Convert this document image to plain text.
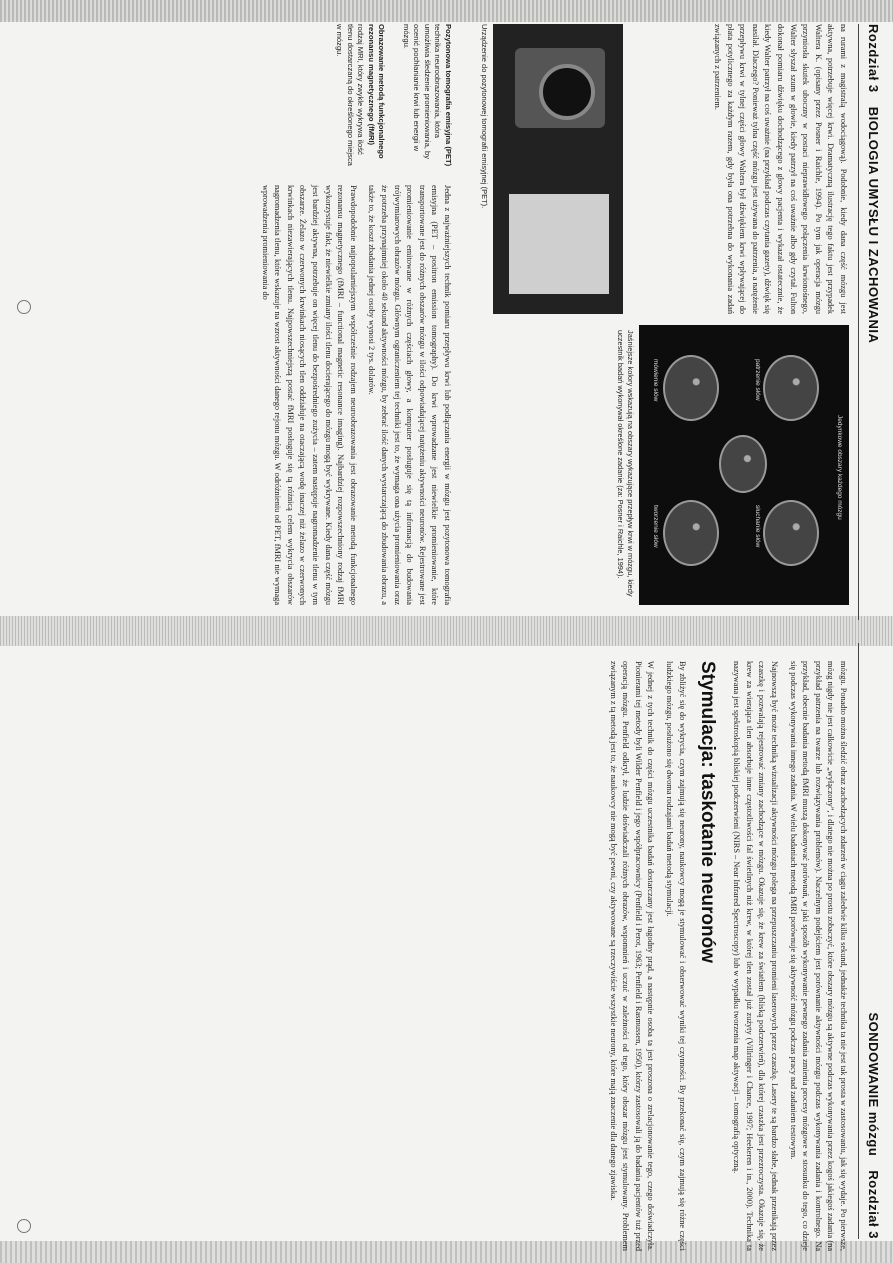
Rozdział 3 BIOLOGIA UMYSŁU I ZACHOWANIA

na rurami z magistralą wodociągową). Podobnie, kiedy dana część mózgu jest aktywna, potrzebuje więcej krwi. Dramatyczną ilustrację tego faktu jest przypadek Waltera K. (opisany przez Posner i Raichle, 1994). Po tym jak operacja mózgu przyniosła skutek uboczny w postaci nieprawidłowego połączenia krwionośnego, Walter słyszał szum w głowie, kiedy patrzył na coś uważnie albo gdy czytał. Fulton dokonał pomiaru dźwięku dochodzącego z głowy pacjenta i wykazał ostatecznie, że kiedy Walter patrzył na coś uważnie (na przykład podczas czytania gazety), dźwięk się nasilał. Dlaczego? Ponieważ tylna część mózgu jest używana do patrzenia, a natężenie przepływu krwi w tylnej części głowy Waltera był dźwiękiem krwi wpływającej do płata potylicznego za każdym razem, gdy była ona potrzebna do wykonania zadań związanych z patrzeniem.

Urządzenie do pozytonowej tomografii emisyjnej (PET).
Jedynkowe obszary każdego mózgu
patrzenie słów
słuchanie słów
mówienie słów
tworzenie słów
Jaśniejsze kolory wskazują na obszary wykazujące przepływ krwi w mózgu, kiedy uczestnik badań wykonywał określone zadanie (za: Posner i Raichle, 1994).

Jedna z najważniejszych technik pomiaru przepływu krwi lub podłączania energii w mózgu jest pozytonowa tomografia emisyjna (PET – positron emission tomography). Do krwi wprowadzane jest niewielkie promieniowanie, które transportowane jest do różnych obszarów mózgu w ilości odpowiadającej natężeniu aktywności neuronów. Rejestrowane jest promieniowanie emitowane w różnych częściach głowy, a komputer posługuje się tą informacją do budowania trójwymiarowych obrazów mózgu. Głównym ograniczeniem tej techniki jest to, że wymaga ona użycia promieniowania oraz że potrzeba przynajmniej około 40 sekund aktywności mózgu, by zebrać ilość danych wystarczającą do zbudowania obrazu, a także to, że koszt zbadania jednej osoby wynosi 2 tys. dolarów.

Prawdopodobnie najpopularniejszym współcześnie rodzajem neuroobrazowania jest obrazowanie metodą funkcjonalnego rezonansu magnetycznego (fMRI – functional magnetic resonance imaging). Najbardziej rozpowszechniony rodzaj fMRI wykorzystuje fakt, że niewielkie zmiany ilości tlenu docierającego do mózgu mogą być wykrywane. Kiedy dana część mózgu jest bardziej aktywna, potrzebuje on więcej tlenu do bezpośredniego zużycia – zatem następuje nagromadzenie tlenu w tym obszarze. Żelazo w czerwonych krwinkach niosących tlen oddziałuje na otaczającą wodę inaczej niż żelazo w czerwonych krwinkach niezawierających tlenu. Najpowszechniejszą postać fMRI posługuje się tą różnicą celem wykrycia obszarów nagromadzenia tlenu, które wskazuje na wzrost aktywności danego rejonu mózgu. W odróżnieniu od PET, fMRI nie wymaga wprowadzenia promieniowania do

Pozytonowa tomografia emisyjna (PET)
technika neuroobrazowania, która umożliwia śledzenie promieniowania, by ocenić pochłanianie krwi lub energii w mózgu.
Obrazowanie metodą funkcjonalnego rezonansu magnetycznego (fMRI)
rodzaj MRI, który zwykle wykrywa ilość tlenu dostarczaną do określonego miejsca w mózgu.
SONDOWANIE mózgu Rozdział 3

mózgu. Ponadto można śledzić obraz zachodzących zdarzeń w ciągu zaledwie kilku sekund, jednakże technika ta nie jest tak prosta w zastosowaniu, jak się wydaje. Po pierwsze, mózg nigdy nie jest całkowicie „wyłączony”, i dlatego nie można po prostu zobaczyć, które obszary mózgu są aktywne podczas wykonywania przez kogoś jakiegoś zadania (na przykład patrzenia na twarze lub rozwiązywania problemów). Naczelnym podejściem jest porównanie aktywności mózgu podczas wykonywania zadania i kontrolnego. Na przykład, obecnie badania metodą fMRI muszą dokonywać porównań, w jaki sposób wykonywanie pewnego zadania zmienia procesy mózgowe w stosunku do tego, co dzieje się podczas wykonywania innego zadania. W wielu badaniach metodą fMRI porównuje się aktywność mózgu podczas pracy nad zadaniem testowym.

Najnowszą być może techniką wizualizacji aktywności mózgu polega na przepuszczaniu promieni laserowych przez czaszkę. Lasery te są bardzo słabe, jednak przenikają przez czaszkę i pozwalają rejestrować zmiany zachodzące w mózgu. Okazuje się, że krew za światłem (bliską podczerwień), dla której czaszka jest przezroczysta. Okazuje się, że krew za wierająca tlen absorbuje inne częstotliwości fal świetlnych niż krew, w której tlen został już zużyty (Villringer i Chance, 1997; Heekeren i in., 2000). Technika ta nazywana jest spektroskopią bliskiej podczerwieni (NIRS – Near Infrared Spectroscopy) lub w wypadku tworzenia map aktywacji – tomografią optyczną.

Stymulacja: taskotanie neuronów

By zbliżyć się do wykrycia, czym zajmują się neurony, naukowcy mogą je stymulować i obserwować wyniki tej czynności. By przekonać się, czym zajmują się różne części ludzkiego mózgu, posłużono się dwoma rodzajami badań metodą stymulacji.

W jednej z tych technik do części mózgu uczestnika badań dostarczany jest łagodny prąd, a następnie osoba ta jest proszona o zrelacjonowanie tego, czego doświadczyła. Pionierami tej metody byli Wilder Penfield i jego współpracownicy (Penfield i Perot, 1963; Penfield i Rasmussen, 1950), którzy zastosowali ją do badania pacjentów tuż przed operacją mózgu. Penfield odkrył, że ludzie doświadczali różnych obrazów, wspomnień i uczuć w zależności od tego, który obszar mózgu jest stymulowany. Problemem związanym z tą metodą jest to, że naukowcy nie mogą być pewni, czy aktywowane są rzeczywiście wszystkie neurony, które mają znaczenie dla danego zjawiska.
